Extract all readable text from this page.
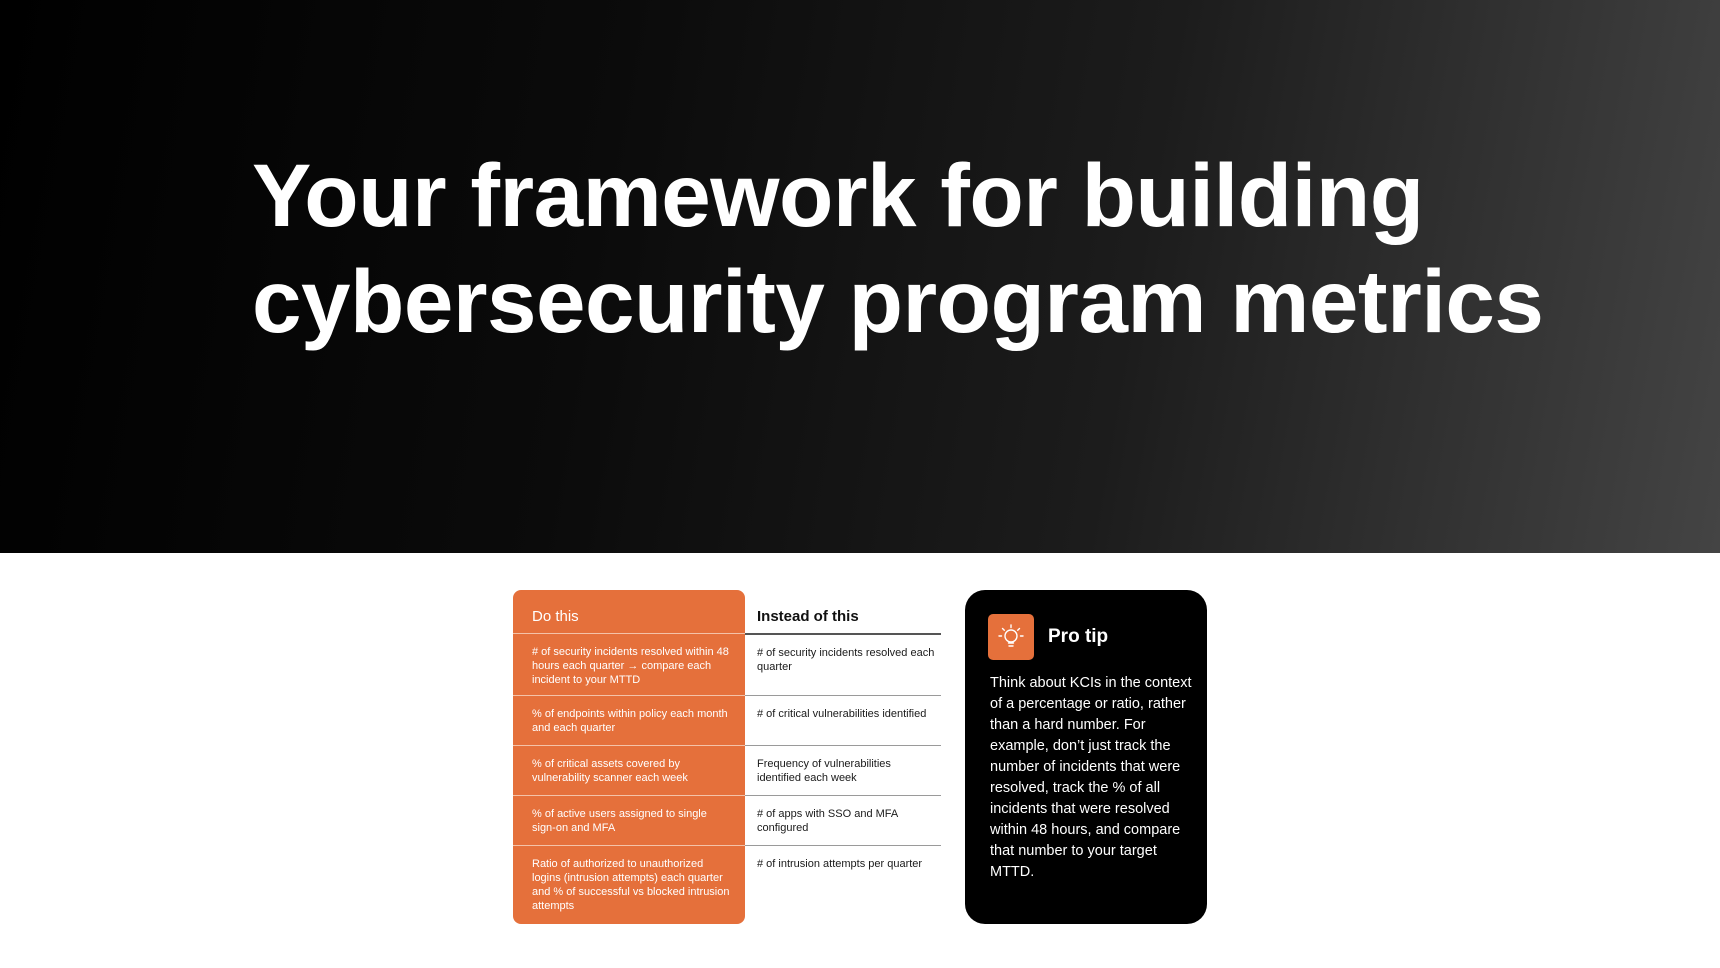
Your framework for building
cybersecurity program metrics
Do this
# of security incidents resolved within 48 hours each quarter → compare each incident to your MTTD
% of endpoints within policy each month and each quarter
% of critical assets covered by vulnerability scanner each week
% of active users assigned to single sign-on and MFA
Ratio of authorized to unauthorized logins (intrusion attempts) each quarter and % of successful vs blocked intrusion attempts
Instead of this
# of security incidents resolved each quarter
# of critical vulnerabilities identified
Frequency of vulnerabilities identified each week
# of apps with SSO and MFA configured
# of intrusion attempts per quarter
Pro tip

Think about KCIs in the context of a percentage or ratio, rather than a hard number. For example, don’t just track the number of incidents that were resolved, track the % of all incidents that were resolved within 48 hours, and compare that number to your target MTTD.
